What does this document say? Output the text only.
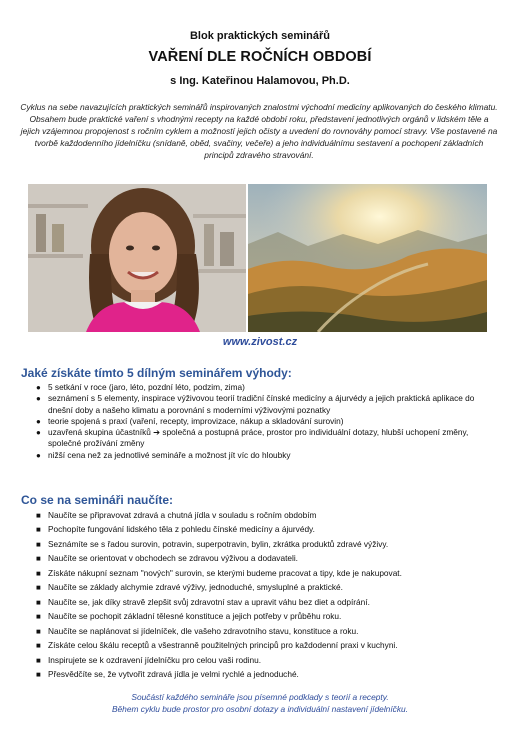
Blok praktických seminářů
VAŘENÍ DLE ROČNÍCH OBDOBÍ
s Ing. Kateřinou Halamovou, Ph.D.
Cyklus na sebe navazujících praktických seminářů inspirovaných znalostmi východní medicíny aplikovaných do českého klimatu. Obsahem bude praktické vaření s vhodnými recepty na každé období roku, představení jednotlivých orgánů v lidském těle a jejich vzájemnou propojenost s ročním cyklem a možností jejich očisty a uvedení do rovnováhy pomocí stravy. Vše postavené na tvorbě každodenního jídelníčku (snídaně, oběd, svačiny, večeře) a jeho individuálnímu sestavení a pochopení základních principů zdravého stravování.
www.zivost.cz
Jaké získáte tímto 5 dílným seminářem výhody:
● 5 setkání v roce (jaro, léto, pozdní léto, podzim, zima)
● seznámení s 5 elementy, inspirace výživovou teorií tradiční čínské medicíny a ájurvédy a jejich praktická aplikace do dnešní doby a našeho klimatu a porovnání s moderními výživovými poznatky
● teorie spojená s praxí (vaření, recepty, improvizace, nákup a skladování surovin)
● uzavřená skupina účastníků ➔ společná a postupná práce, prostor pro individuální dotazy, hlubší uchopení změny, společné prožívání změny
● nižší cena než za jednotlivé semináře a možnost jít víc do hloubky
Co se na semináři naučíte:
■ Naučíte se připravovat zdravá a chutná jídla v souladu s ročním obdobím
■ Pochopíte fungování lidského těla z pohledu čínské medicíny a ájurvédy.
■ Seznámíte se s řadou surovin, potravin, superpotravin, bylin, zkrátka produktů zdravé výživy.
■ Naučíte se orientovat v obchodech se zdravou výživou a dodavateli.
■ Získáte nákupní seznam "nových" surovin, se kterými budeme pracovat a tipy, kde je nakupovat.
■ Naučíte se základy alchymie zdravé výživy, jednoduché, smysluplné a praktické.
■ Naučíte se, jak díky stravě zlepšit svůj zdravotní stav a upravit váhu bez diet a odpírání.
■ Naučíte se pochopit základní tělesné konstituce a jejich potřeby v průběhu roku.
■ Naučíte se naplánovat si jídelníček, dle vašeho zdravotního stavu, konstituce a roku.
■ Získáte celou škálu receptů a všestranně použitelných principů pro každodenní praxi v kuchyni.
■ Inspirujete se k ozdravení jídelníčku pro celou vaši rodinu.
■ Přesvědčíte se, že vytvořit zdravá jídla je velmi rychlé a jednoduché.
Součástí každého semináře jsou písemné podklady s teorií a recepty.
Během cyklu bude prostor pro osobní dotazy a individuální nastavení jídelníčku.
